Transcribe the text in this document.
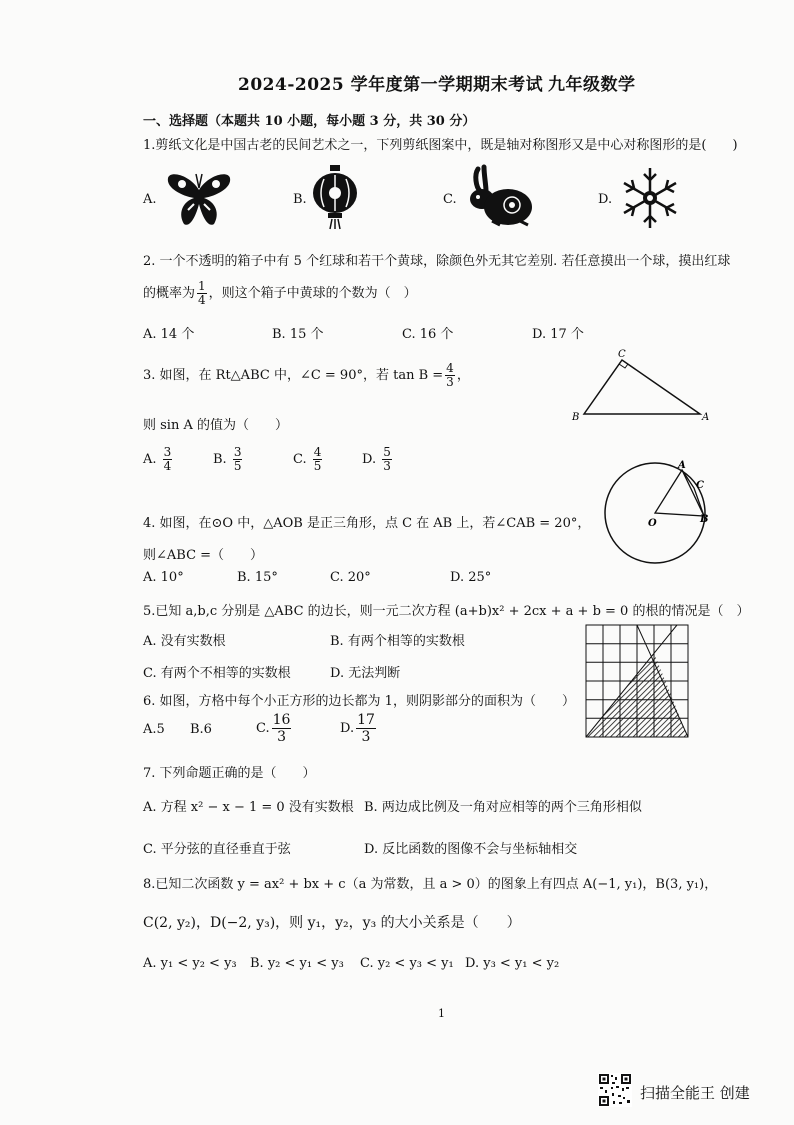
2024-2025 学年度第一学期期末考试 九年级数学
一、选择题（本题共 10 小题，每小题 3 分，共 30 分）
1.剪纸文化是中国古老的民间艺术之一，下列剪纸图案中，既是轴对称图形又是中心对称图形的是(　　)
A.	B.	C.	D.
2. 一个不透明的箱子中有 5 个红球和若干个黄球，除颜色外无其它差别. 若任意摸出一个球，摸出红球
的概率为 $\frac{1}{4}$ ，则这个箱子中黄球的个数为（　）
A. 14 个	B. 15 个	C. 16 个	D. 17 个
3. 如图，在 Rt△ABC 中，∠C = 90°，若 $\tan B = \frac{4}{3}$ ，
则 sin A 的值为（　　）
A. $\frac{3}{4}$	B. $\frac{3}{5}$	C. $\frac{4}{5}$	D. $\frac{5}{3}$
C
B	A
4. 如图，在⊙O 中，△AOB 是正三角形，点 C 在 AB 上，若∠CAB = 20°，
则∠ABC =（　　）
A. 10°	B. 15°	C. 20°	D. 25°
O
A
C
B
5.已知 a,b,c 分别是 △ABC 的边长，则一元二次方程 (a+b)x² + 2cx + a + b = 0 的根的情况是（　）
A. 没有实数根	B. 有两个相等的实数根
C. 有两个不相等的实数根	D. 无法判断
6. 如图，方格中每个小正方形的边长都为 1，则阴影部分的面积为（　　）
A.5 B.6	C. $\frac{16}{3}$	D. $\frac{17}{3}$
7. 下列命题正确的是（　　）
A. 方程 x² − x − 1 = 0 没有实数根 B. 两边成比例及一角对应相等的两个三角形相似
C. 平分弦的直径垂直于弦	D. 反比函数的图像不会与坐标轴相交
8.已知二次函数 y = ax² + bx + c（a 为常数，且 a > 0）的图象上有四点 A(−1, y₁)，B(3, y₁)，
C(2, y₂)，D(−2, y₃)，则 y₁，y₂，y₃ 的大小关系是（　　）
A. y₁ < y₂ < y₃ B. y₂ < y₁ < y₃ C. y₂ < y₃ < y₁ D. y₃ < y₁ < y₂
1
扫描全能王 创建
